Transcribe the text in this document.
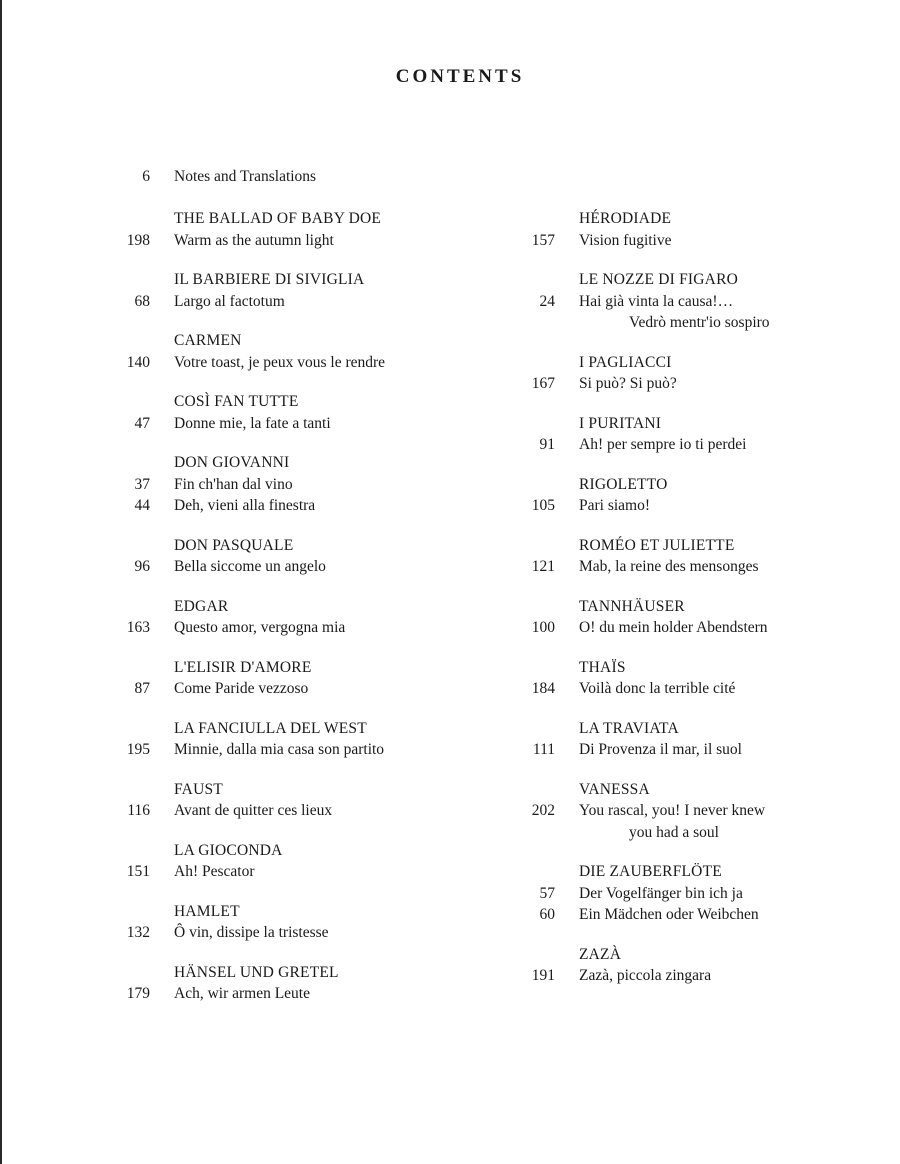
CONTENTS
6	Notes and Translations
THE BALLAD OF BABY DOE
198	Warm as the autumn light
IL BARBIERE DI SIVIGLIA
68	Largo al factotum
CARMEN
140	Votre toast, je peux vous le rendre
COSÌ FAN TUTTE
47	Donne mie, la fate a tanti
DON GIOVANNI
37	Fin ch'han dal vino
44	Deh, vieni alla finestra
DON PASQUALE
96	Bella siccome un angelo
EDGAR
163	Questo amor, vergogna mia
L'ELISIR D'AMORE
87	Come Paride vezzoso
LA FANCIULLA DEL WEST
195	Minnie, dalla mia casa son partito
FAUST
116	Avant de quitter ces lieux
LA GIOCONDA
151	Ah! Pescator
HAMLET
132	Ô vin, dissipe la tristesse
HÄNSEL UND GRETEL
179	Ach, wir armen Leute
HÉRODIADE
157	Vision fugitive
LE NOZZE DI FIGARO
24	Hai già vinta la causa!…
Vedrò mentr'io sospiro
I PAGLIACCI
167	Si può? Si può?
I PURITANI
91	Ah! per sempre io ti perdei
RIGOLETTO
105	Pari siamo!
ROMÉO ET JULIETTE
121	Mab, la reine des mensonges
TANNHÄUSER
100	O! du mein holder Abendstern
THAÏS
184	Voilà donc la terrible cité
LA TRAVIATA
111	Di Provenza il mar, il suol
VANESSA
202	You rascal, you! I never knew
you had a soul
DIE ZAUBERFLÖTE
57	Der Vogelfänger bin ich ja
60	Ein Mädchen oder Weibchen
ZAZÀ
191	Zazà, piccola zingara
